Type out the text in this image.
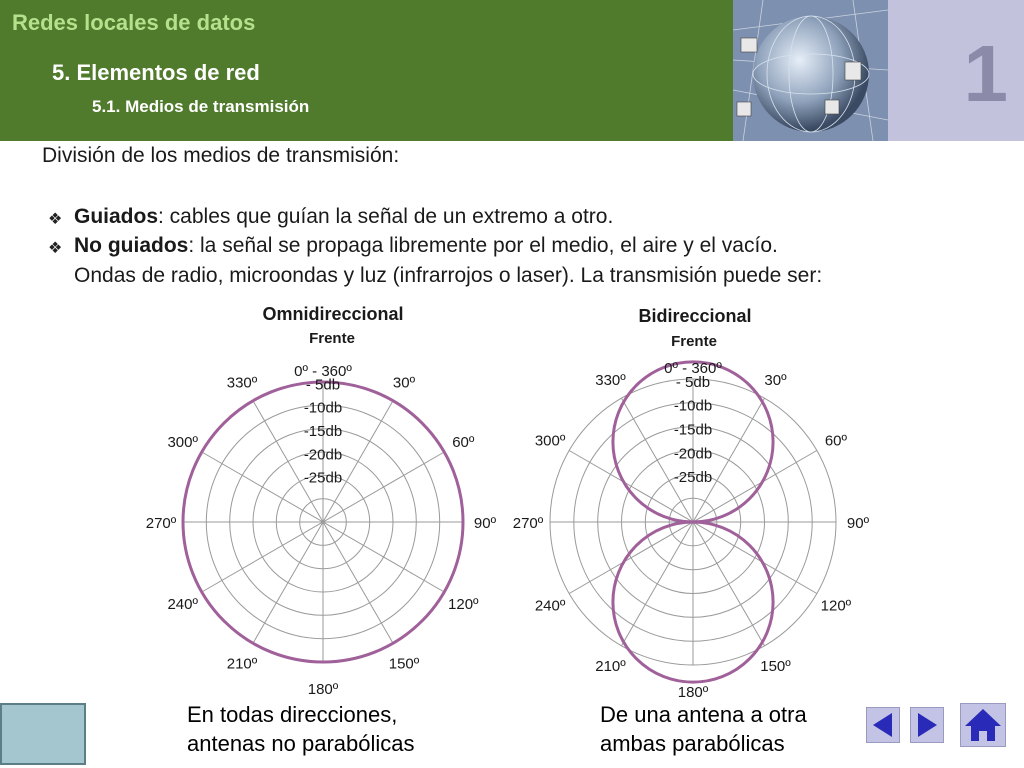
Redes locales de datos
5. Elementos de red
5.1. Medios de transmisión	1
División de los medios de transmisión:
❖ Guiados: cables que guían la señal de un extremo a otro.
❖ No guiados: la señal se propaga libremente por el medio, el aire y el vacío.
Ondas de radio, microondas y luz (infrarrojos o laser). La transmisión puede ser:
Omnidireccional
Frente
0º - 360º
30º
60º
90º
120º
150º
180º
210º
240º
270º
300º
330º	- 5db
-10db
-15db
-20db
-25db
Bidireccional
Frente
0º - 360º
30º
60º
90º
120º
150º
180º
210º
240º
270º
300º
330º	- 5db
-10db
-15db
-20db
-25db
En todas direcciones,
antenas no parabólicas
De una antena a otra
ambas parabólicas
